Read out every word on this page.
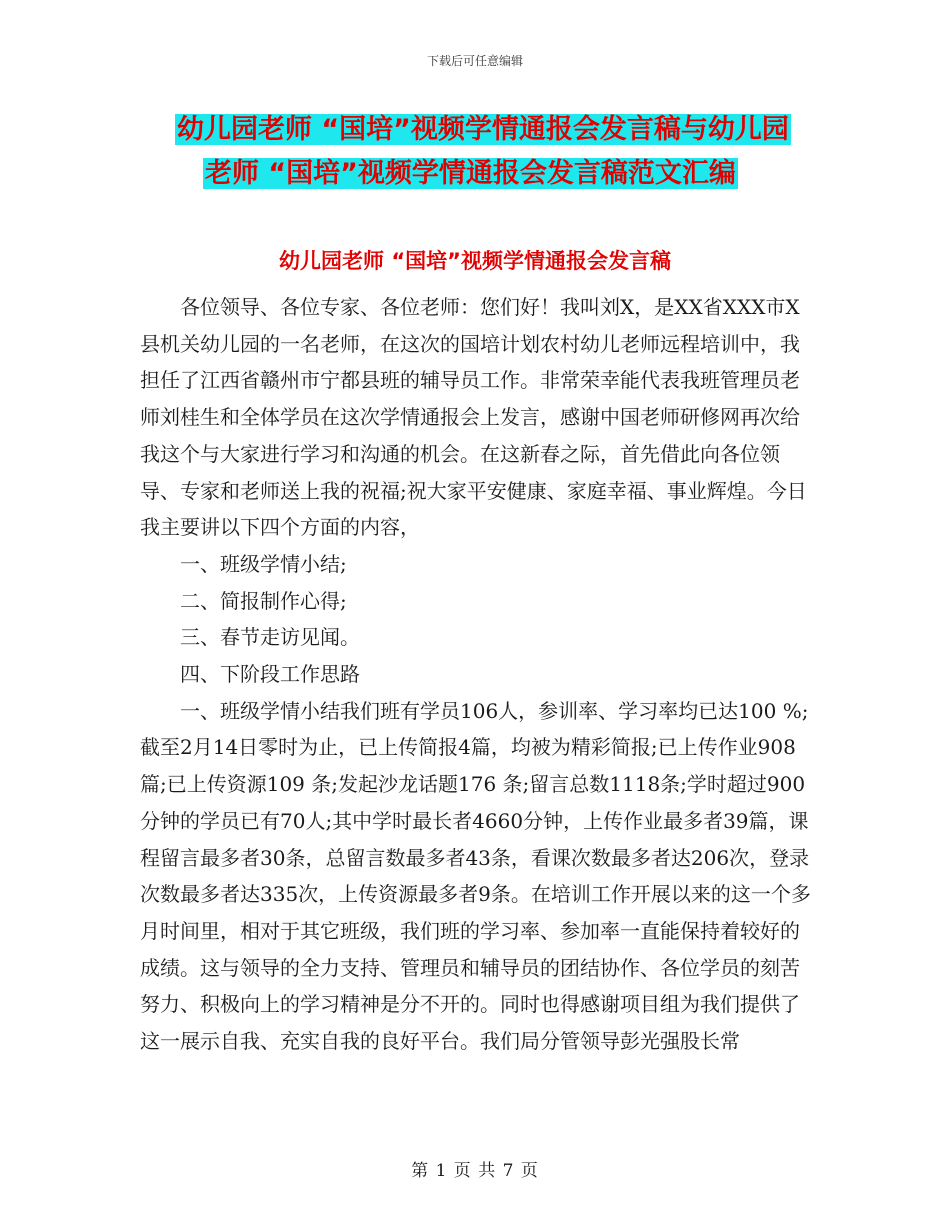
下载后可任意编辑
幼儿园老师 “国培”视频学情通报会发言稿与幼儿园
老师 “国培”视频学情通报会发言稿范文汇编
幼儿园老师 “国培”视频学情通报会发言稿

各位领导、各位专家、各位老师：您们好！我叫刘X，是XX省XXX市X县机关幼儿园的一名老师，在这次的国培计划农村幼儿老师远程培训中，我担任了江西省赣州市宁都县班的辅导员工作。非常荣幸能代表我班管理员老师刘桂生和全体学员在这次学情通报会上发言，感谢中国老师研修网再次给我这个与大家进行学习和沟通的机会。在这新春之际，首先借此向各位领导、专家和老师送上我的祝福;祝大家平安健康、家庭幸福、事业辉煌。今日我主要讲以下四个方面的内容，

一、班级学情小结;

二、简报制作心得;

三、春节走访见闻。

四、下阶段工作思路

一、班级学情小结我们班有学员106人，参训率、学习率均已达100 %;截至2月14日零时为止，已上传简报4篇，均被为精彩简报;已上传作业908篇;已上传资源109 条;发起沙龙话题176 条;留言总数1118条;学时超过900分钟的学员已有70人;其中学时最长者4660分钟，上传作业最多者39篇，课程留言最多者30条，总留言数最多者43条，看课次数最多者达206次，登录次数最多者达335次，上传资源最多者9条。在培训工作开展以来的这一个多月时间里，相对于其它班级，我们班的学习率、参加率一直能保持着较好的成绩。这与领导的全力支持、管理员和辅导员的团结协作、各位学员的刻苦努力、积极向上的学习精神是分不开的。同时也得感谢项目组为我们提供了这一展示自我、充实自我的良好平台。我们局分管领导彭光强股长常

第 1 页 共 7 页
